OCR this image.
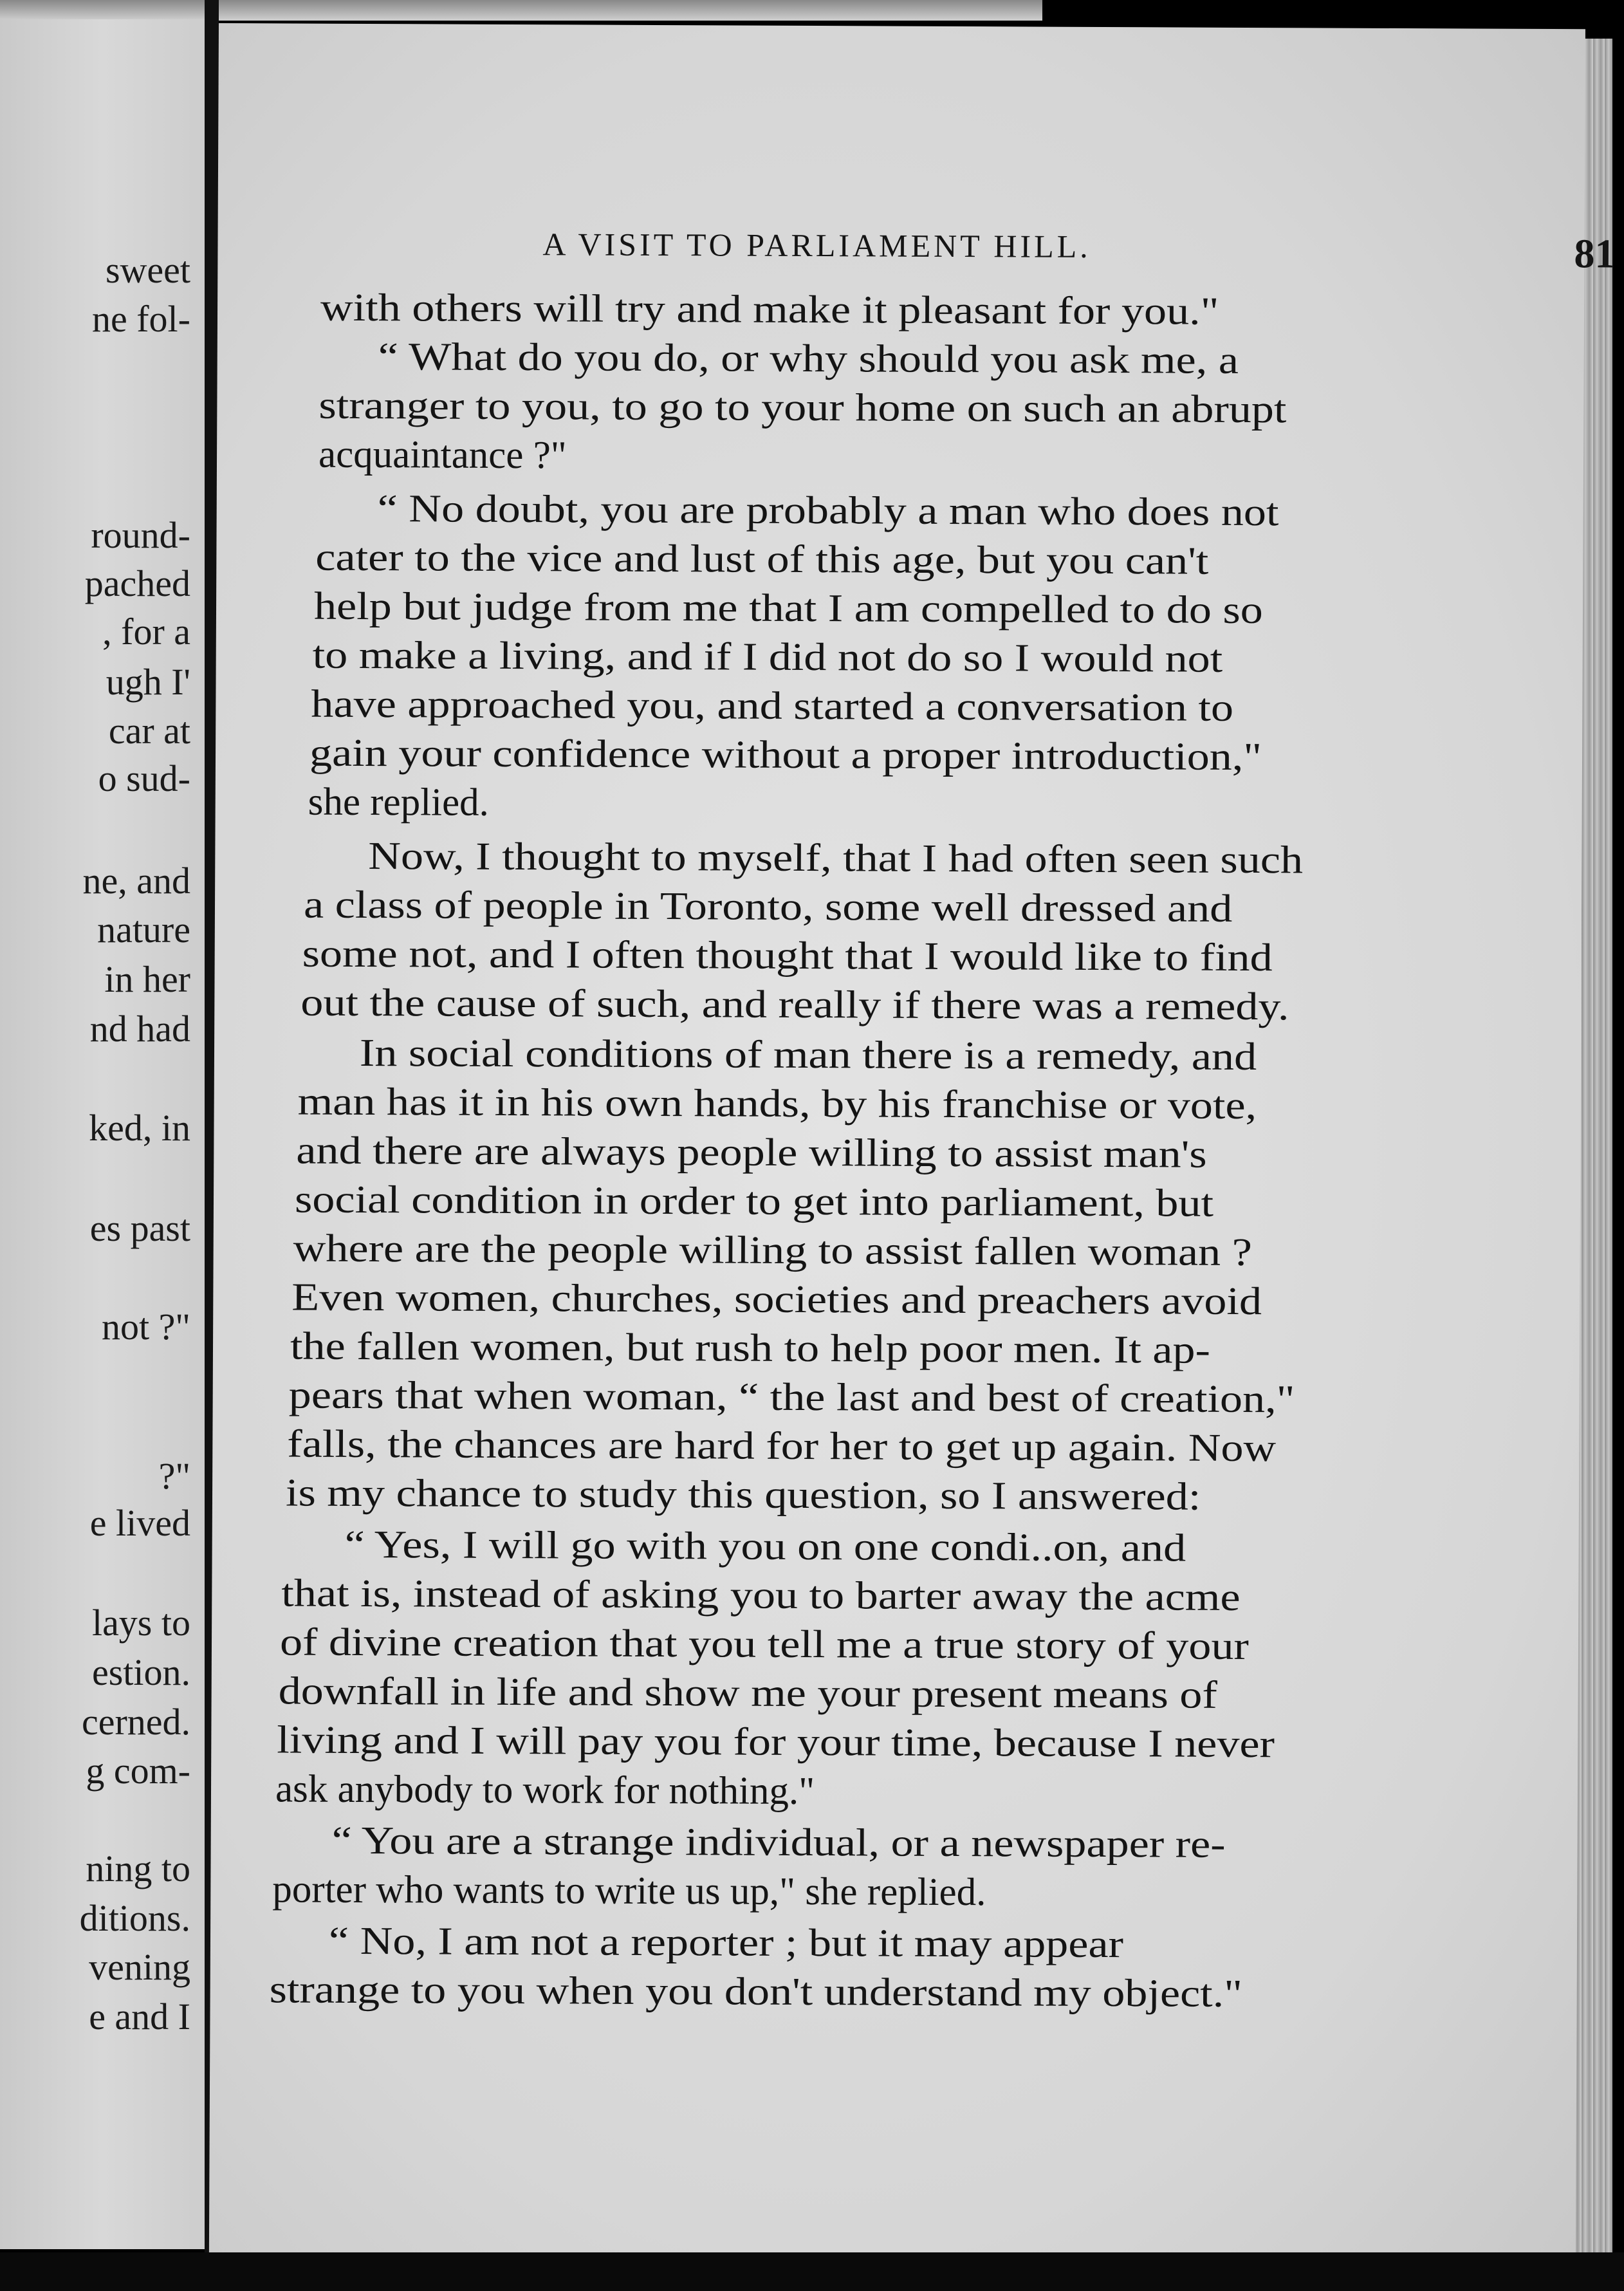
sweet
ne fol-
round-
pached
, for a
ugh I'
car at
o sud-
ne, and
nature
in her
nd had
ked, in
es past
not ?"
?"
e lived
lays to
estion.
cerned.
g com-
ning to
ditions.
vening
e and I
A VISIT TO PARLIAMENT HILL.	81
with others will try and make it pleasant for you."
“ What do you do, or why should you ask me, a
stranger to you, to go to your home on such an abrupt
acquaintance ?"
“ No doubt, you are probably a man who does not
cater to the vice and lust of this age, but you can't
help but judge from me that I am compelled to do so
to make a living, and if I did not do so I would not
have approached you, and started a conversation to
gain your confidence without a proper introduction,"
she replied.
Now, I thought to myself, that I had often seen such
a class of people in Toronto, some well dressed and
some not, and I often thought that I would like to find
out the cause of such, and really if there was a remedy.
In social conditions of man there is a remedy, and
man has it in his own hands, by his franchise or vote,
and there are always people willing to assist man's
social condition in order to get into parliament, but
where are the people willing to assist fallen woman ?
Even women, churches, societies and preachers avoid
the fallen women, but rush to help poor men. It ap-
pears that when woman, “ the last and best of creation,"
falls, the chances are hard for her to get up again. Now
is my chance to study this question, so I answered:
“ Yes, I will go with you on one condi..on, and
that is, instead of asking you to barter away the acme
of divine creation that you tell me a true story of your
downfall in life and show me your present means of
living and I will pay you for your time, because I never
ask anybody to work for nothing."
“ You are a strange individual, or a newspaper re-
porter who wants to write us up," she replied.
“ No, I am not a reporter ; but it may appear
strange to you when you don't understand my object."
